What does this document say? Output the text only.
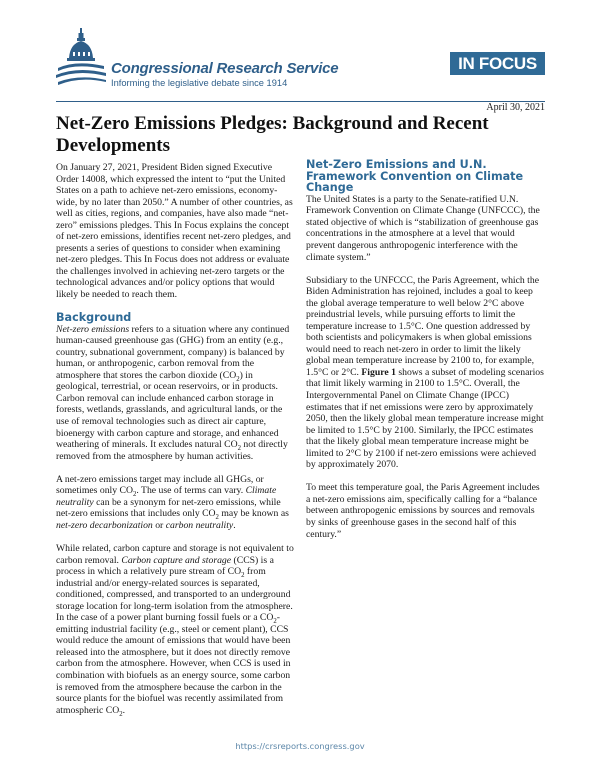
Congressional Research Service
Informing the legislative debate since 1914
IN FOCUS
April 30, 2021
Net-Zero Emissions Pledges: Background and Recent Developments

On January 27, 2021, President Biden signed Executive Order 14008, which expressed the intent to “put the United States on a path to achieve net-zero emissions, economy-wide, by no later than 2050.” A number of other countries, as well as cities, regions, and companies, have also made “net-zero” emissions pledges. This In Focus explains the concept of net-zero emissions, identifies recent net-zero pledges, and presents a series of questions to consider when examining net-zero pledges. This In Focus does not address or evaluate the challenges involved in achieving net-zero targets or the technological advances and/or policy options that would likely be needed to reach them.

Background

Net-zero emissions refers to a situation where any continued human-caused greenhouse gas (GHG) from an entity (e.g., country, subnational government, company) is balanced by human, or anthropogenic, carbon removal from the atmosphere that stores the carbon dioxide $(CO_2)$ in geological, terrestrial, or ocean reservoirs, or in products. Carbon removal can include enhanced carbon storage in forests, wetlands, grasslands, and agricultural lands, or the use of removal technologies such as direct air capture, bioenergy with carbon capture and storage, and enhanced weathering of minerals. It excludes natural $CO_2$ not directly removed from the atmosphere by human activities.

A net-zero emissions target may include all GHGs, or sometimes only $CO_2$. The use of terms can vary. Climate neutrality can be a synonym for net-zero emissions, while net-zero emissions that includes only $CO_2$ may be known as net-zero decarbonization or carbon neutrality.

While related, carbon capture and storage is not equivalent to carbon removal. Carbon capture and storage (CCS) is a process in which a relatively pure stream of $CO_2$ from industrial and/or energy-related sources is separated, conditioned, compressed, and transported to an underground storage location for long-term isolation from the atmosphere. In the case of a power plant burning fossil fuels or a $CO_2$-emitting industrial facility (e.g., steel or cement plant), CCS would reduce the amount of emissions that would have been released into the atmosphere, but it does not directly remove carbon from the atmosphere. However, when CCS is used in combination with biofuels as an energy source, some carbon is removed from the atmosphere because the carbon in the source plants for the biofuel was recently assimilated from atmospheric $CO_2$.

Net-Zero Emissions and U.N. Framework Convention on Climate Change

The United States is a party to the Senate-ratified U.N. Framework Convention on Climate Change (UNFCCC), the stated objective of which is “stabilization of greenhouse gas concentrations in the atmosphere at a level that would prevent dangerous anthropogenic interference with the climate system.”

Subsidiary to the UNFCCC, the Paris Agreement, which the Biden Administration has rejoined, includes a goal to keep the global average temperature to well below 2°C above preindustrial levels, while pursuing efforts to limit the temperature increase to 1.5°C. One question addressed by both scientists and policymakers is when global emissions would need to reach net-zero in order to limit the likely global mean temperature increase by 2100 to, for example, 1.5°C or 2°C. Figure 1 shows a subset of modeling scenarios that limit likely warming in 2100 to 1.5°C. Overall, the Intergovernmental Panel on Climate Change (IPCC) estimates that if net emissions were zero by approximately 2050, then the likely global mean temperature increase might be limited to 1.5°C by 2100. Similarly, the IPCC estimates that the likely global mean temperature increase might be limited to 2°C by 2100 if net-zero emissions were achieved by approximately 2070.

To meet this temperature goal, the Paris Agreement includes a net-zero emissions aim, specifically calling for a “balance between anthropogenic emissions by sources and removals by sinks of greenhouse gases in the second half of this century.”

https://crsreports.congress.gov
